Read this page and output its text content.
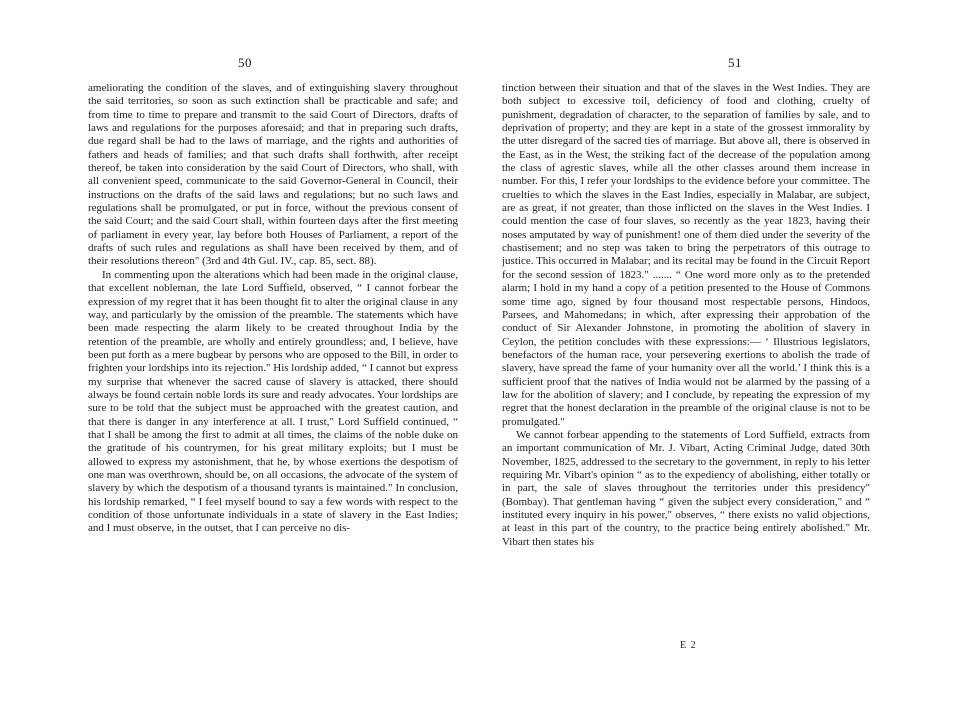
50

ameliorating the condition of the slaves, and of extinguishing slavery throughout the said territories, so soon as such extinction shall be practicable and safe; and from time to time to prepare and transmit to the said Court of Directors, drafts of laws and regulations for the purposes aforesaid; and that in preparing such drafts, due regard shall be had to the laws of marriage, and the rights and authorities of fathers and heads of families; and that such drafts shall forthwith, after receipt thereof, be taken into consideration by the said Court of Directors, who shall, with all convenient speed, communicate to the said Governor-General in Council, their instructions on the drafts of the said laws and regulations; but no such laws and regulations shall be promulgated, or put in force, without the previous consent of the said Court; and the said Court shall, within fourteen days after the first meeting of parliament in every year, lay before both Houses of Parliament, a report of the drafts of such rules and regulations as shall have been received by them, and of their resolutions thereon" (3rd and 4th Gul. IV., cap. 85, sect. 88).

In commenting upon the alterations which had been made in the original clause, that excellent nobleman, the late Lord Suffield, observed, “ I cannot forbear the expression of my regret that it has been thought fit to alter the original clause in any way, and particularly by the omission of the preamble. The statements which have been made respecting the alarm likely to be created throughout India by the retention of the preamble, are wholly and entirely groundless; and, I believe, have been put forth as a mere bugbear by persons who are opposed to the Bill, in order to frighten your lordships into its rejection." His lordship added, “ I cannot but express my surprise that whenever the sacred cause of slavery is attacked, there should always be found certain noble lords its sure and ready advocates. Your lordships are sure to be told that the subject must be approached with the greatest caution, and that there is danger in any interference at all. I trust," Lord Suffield continued, “ that I shall be among the first to admit at all times, the claims of the noble duke on the gratitude of his countrymen, for his great military exploits; but I must be allowed to express my astonishment, that he, by whose exertions the despotism of one man was overthrown, should be, on all occasions, the advocate of the system of slavery by which the despotism of a thousand tyrants is maintained." In conclusion, his lordship remarked, “ I feel myself bound to say a few words with respect to the condition of those unfortunate individuals in a state of slavery in the East Indies; and I must observe, in the outset, that I can perceive no dis-

51

tinction between their situation and that of the slaves in the West Indies. They are both subject to excessive toil, deficiency of food and clothing, cruelty of punishment, degradation of character, to the separation of families by sale, and to deprivation of property; and they are kept in a state of the grossest immorality by the utter disregard of the sacred ties of marriage. But above all, there is observed in the East, as in the West, the striking fact of the decrease of the population among the class of agrestic slaves, while all the other classes around them increase in number. For this, I refer your lordships to the evidence before your committee. The cruelties to which the slaves in the East Indies, especially in Malabar, are subject, are as great, if not greater, than those inflicted on the slaves in the West Indies. I could mention the case of four slaves, so recently as the year 1823, having their noses amputated by way of punishment! one of them died under the severity of the chastisement; and no step was taken to bring the perpetrators of this outrage to justice. This occurred in Malabar; and its recital may be found in the Circuit Report for the second session of 1823." ....... “ One word more only as to the pretended alarm; I hold in my hand a copy of a petition presented to the House of Commons some time ago, signed by four thousand most respectable persons, Hindoos, Parsees, and Mahomedans; in which, after expressing their approbation of the conduct of Sir Alexander Johnstone, in promoting the abolition of slavery in Ceylon, the petition concludes with these expressions:— ‘ Illustrious legislators, benefactors of the human race, your persevering exertions to abolish the trade of slavery, have spread the fame of your humanity over all the world.’ I think this is a sufficient proof that the natives of India would not be alarmed by the passing of a law for the abolition of slavery; and I conclude, by repeating the expression of my regret that the honest declaration in the preamble of the original clause is not to be promulgated."

We cannot forbear appending to the statements of Lord Suffield, extracts from an important communication of Mr. J. Vibart, Acting Criminal Judge, dated 30th November, 1825, addressed to the secretary to the government, in reply to his letter requiring Mr. Vibart's opinion “ as to the expediency of abolishing, either totally or in part, the sale of slaves throughout the territories under this presidency" (Bombay). That gentleman having “ given the subject every consideration," and “ instituted every inquiry in his power," observes, “ there exists no valid objections, at least in this part of the country, to the practice being entirely abolished." Mr. Vibart then states his

E 2
